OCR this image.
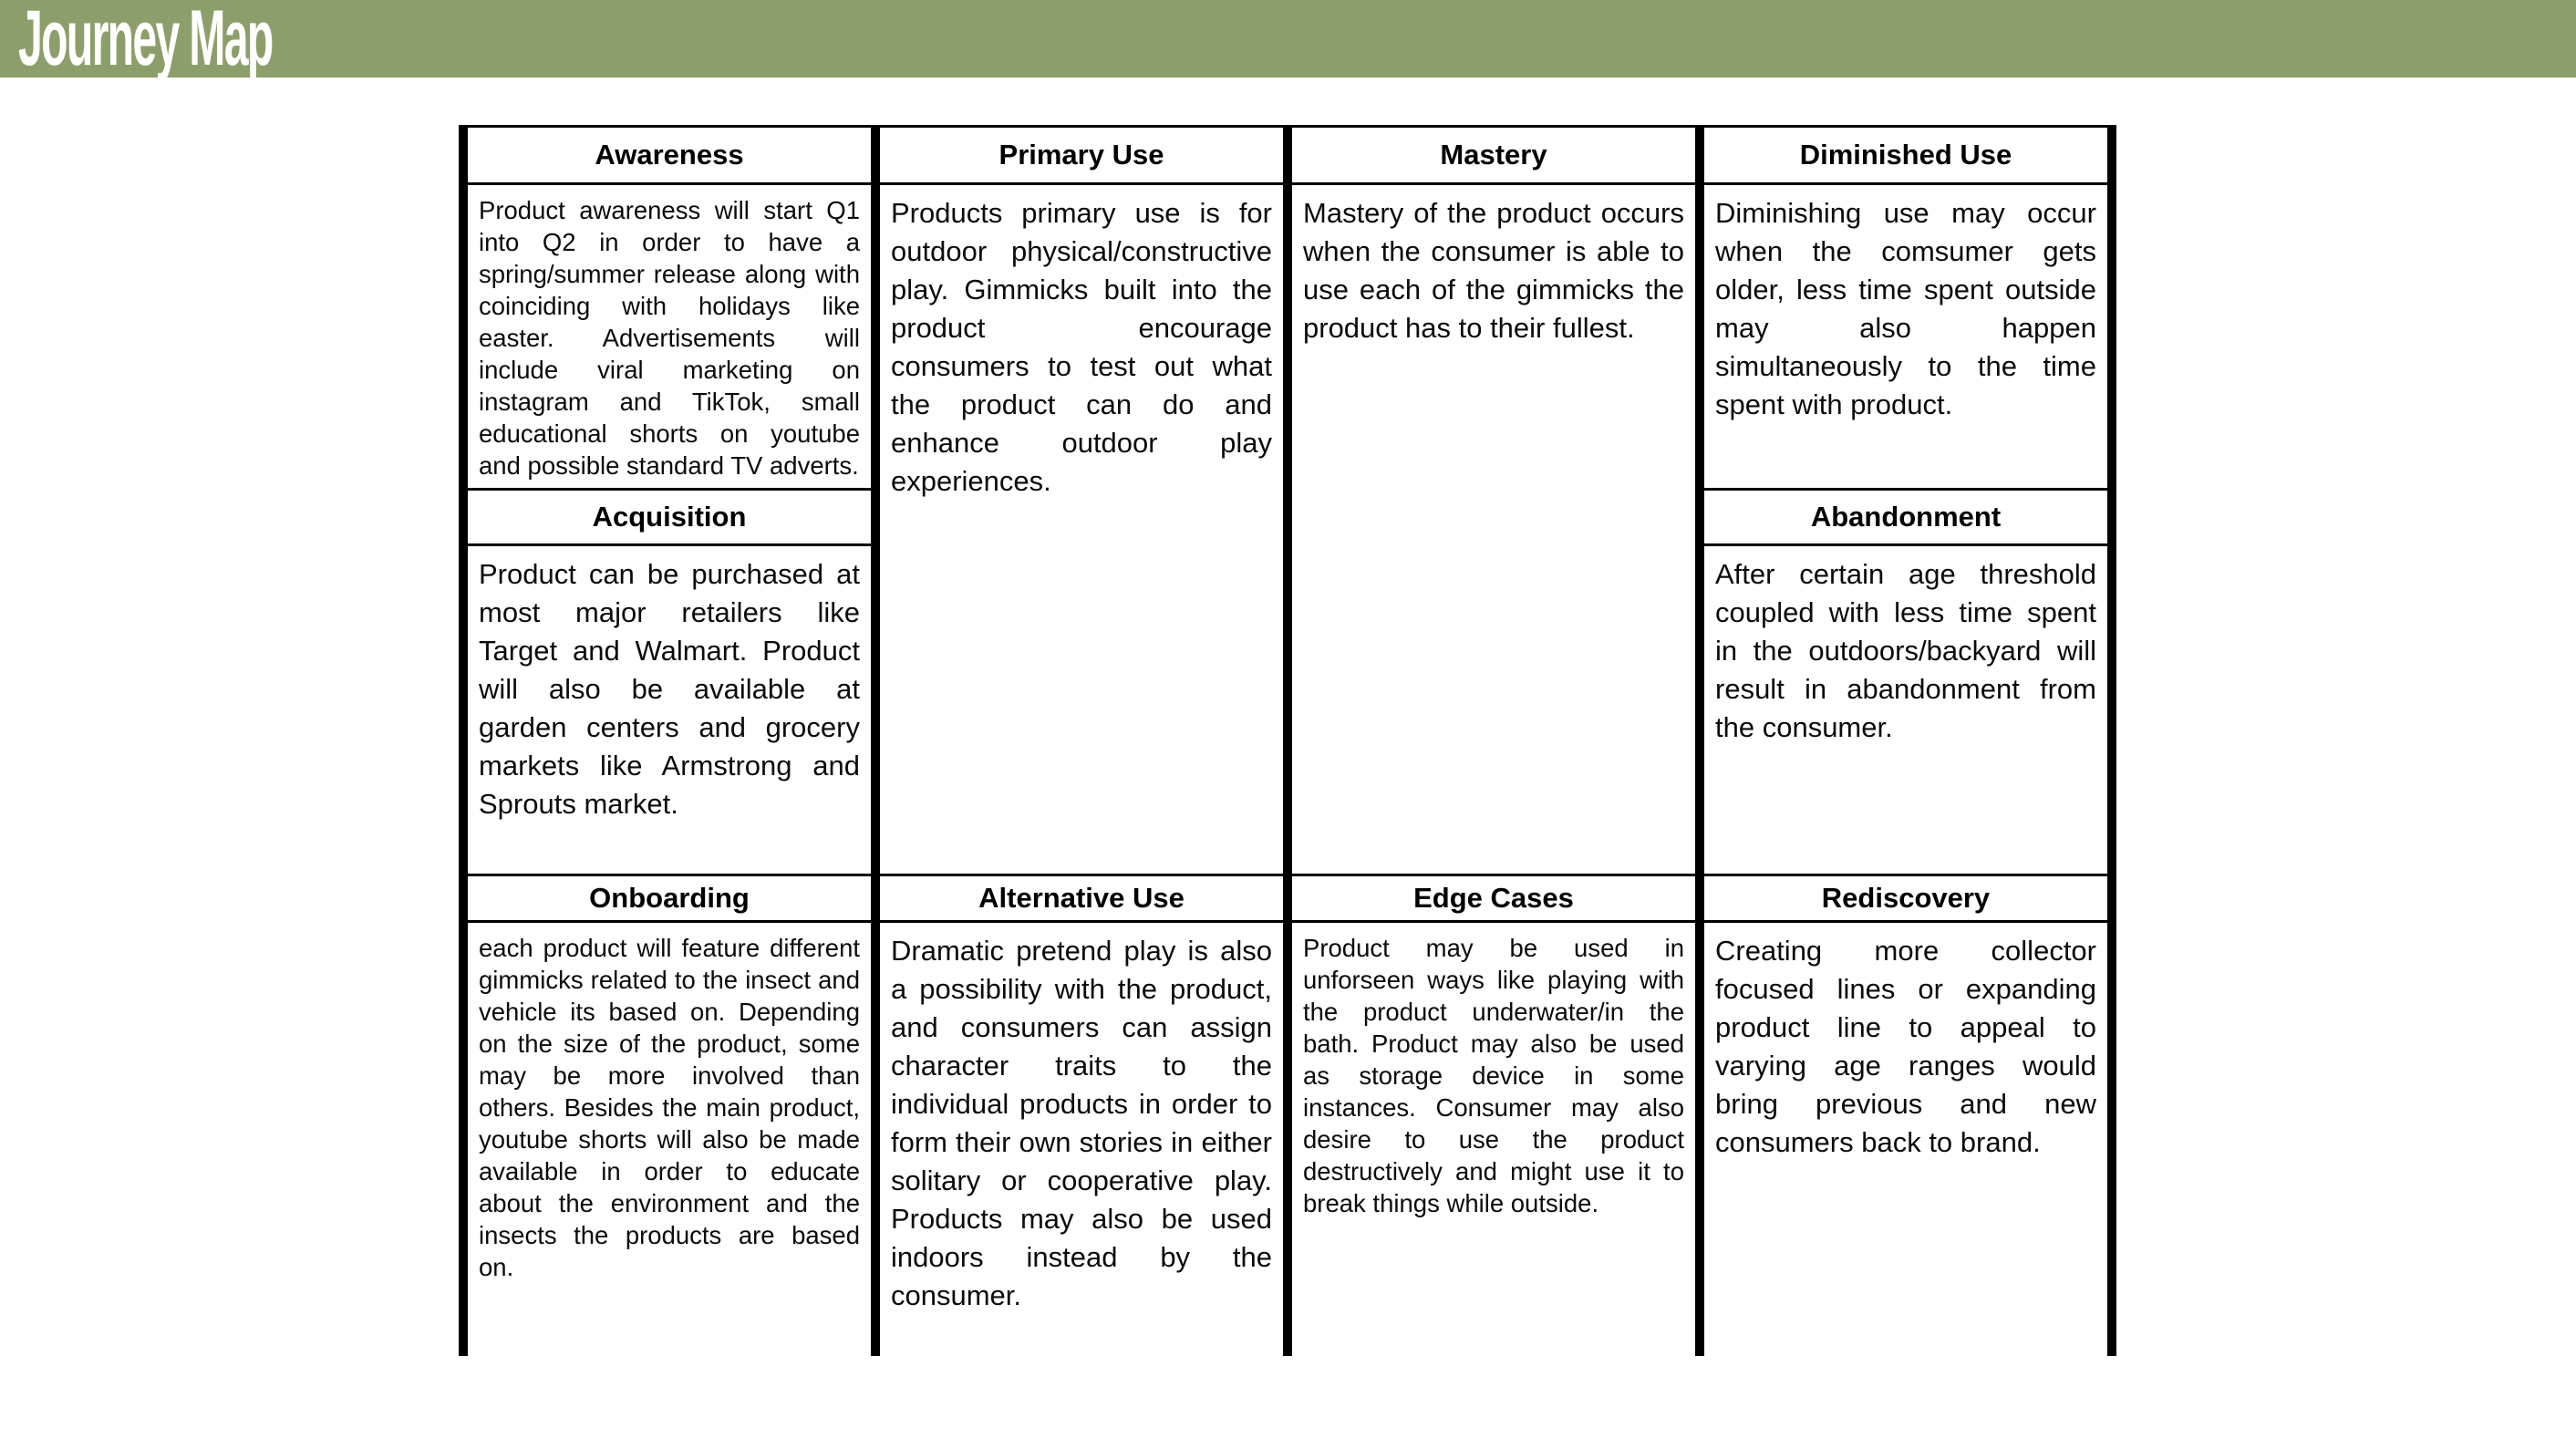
Journey Map
Awareness
Product awareness will start Q1 into Q2 in order to have a spring/summer release along with coinciding with holidays like easter. Advertisements will include viral marketing on instagram and TikTok, small educational shorts on youtube and possible standard TV adverts.
Acquisition
Product can be purchased at most major retailers like Target and Walmart. Product will also be available at garden centers and grocery markets like Armstrong and Sprouts market.
Onboarding
each product will feature different gimmicks related to the insect and vehicle its based on. Depending on the size of the product, some may be more involved than others. Besides the main product, youtube shorts will also be made available in order to educate about the environment and the insects the products are based on.
Primary Use
Products primary use is for outdoor physical/constructive play. Gimmicks built into the product encourage consumers to test out what the product can do and enhance outdoor play experiences.
Alternative Use
Dramatic pretend play is also a possibility with the product, and consumers can assign character traits to the individual products in order to form their own stories in either solitary or cooperative play. Products may also be used indoors instead by the consumer.
Mastery
Mastery of the product occurs when the consumer is able to use each of the gimmicks the product has to their fullest.
Edge Cases
Product may be used in unforseen ways like playing with the product underwater/in the bath. Product may also be used as storage device in some instances. Consumer may also desire to use the product destructively and might use it to break things while outside.
Diminished Use
Diminishing use may occur when the comsumer gets older, less time spent outside may also happen simultaneously to the time spent with product.
Abandonment
After certain age threshold coupled with less time spent in the outdoors/backyard will result in abandonment from the consumer.
Rediscovery
Creating more collector focused lines or expanding product line to appeal to varying age ranges would bring previous and new consumers back to brand.
